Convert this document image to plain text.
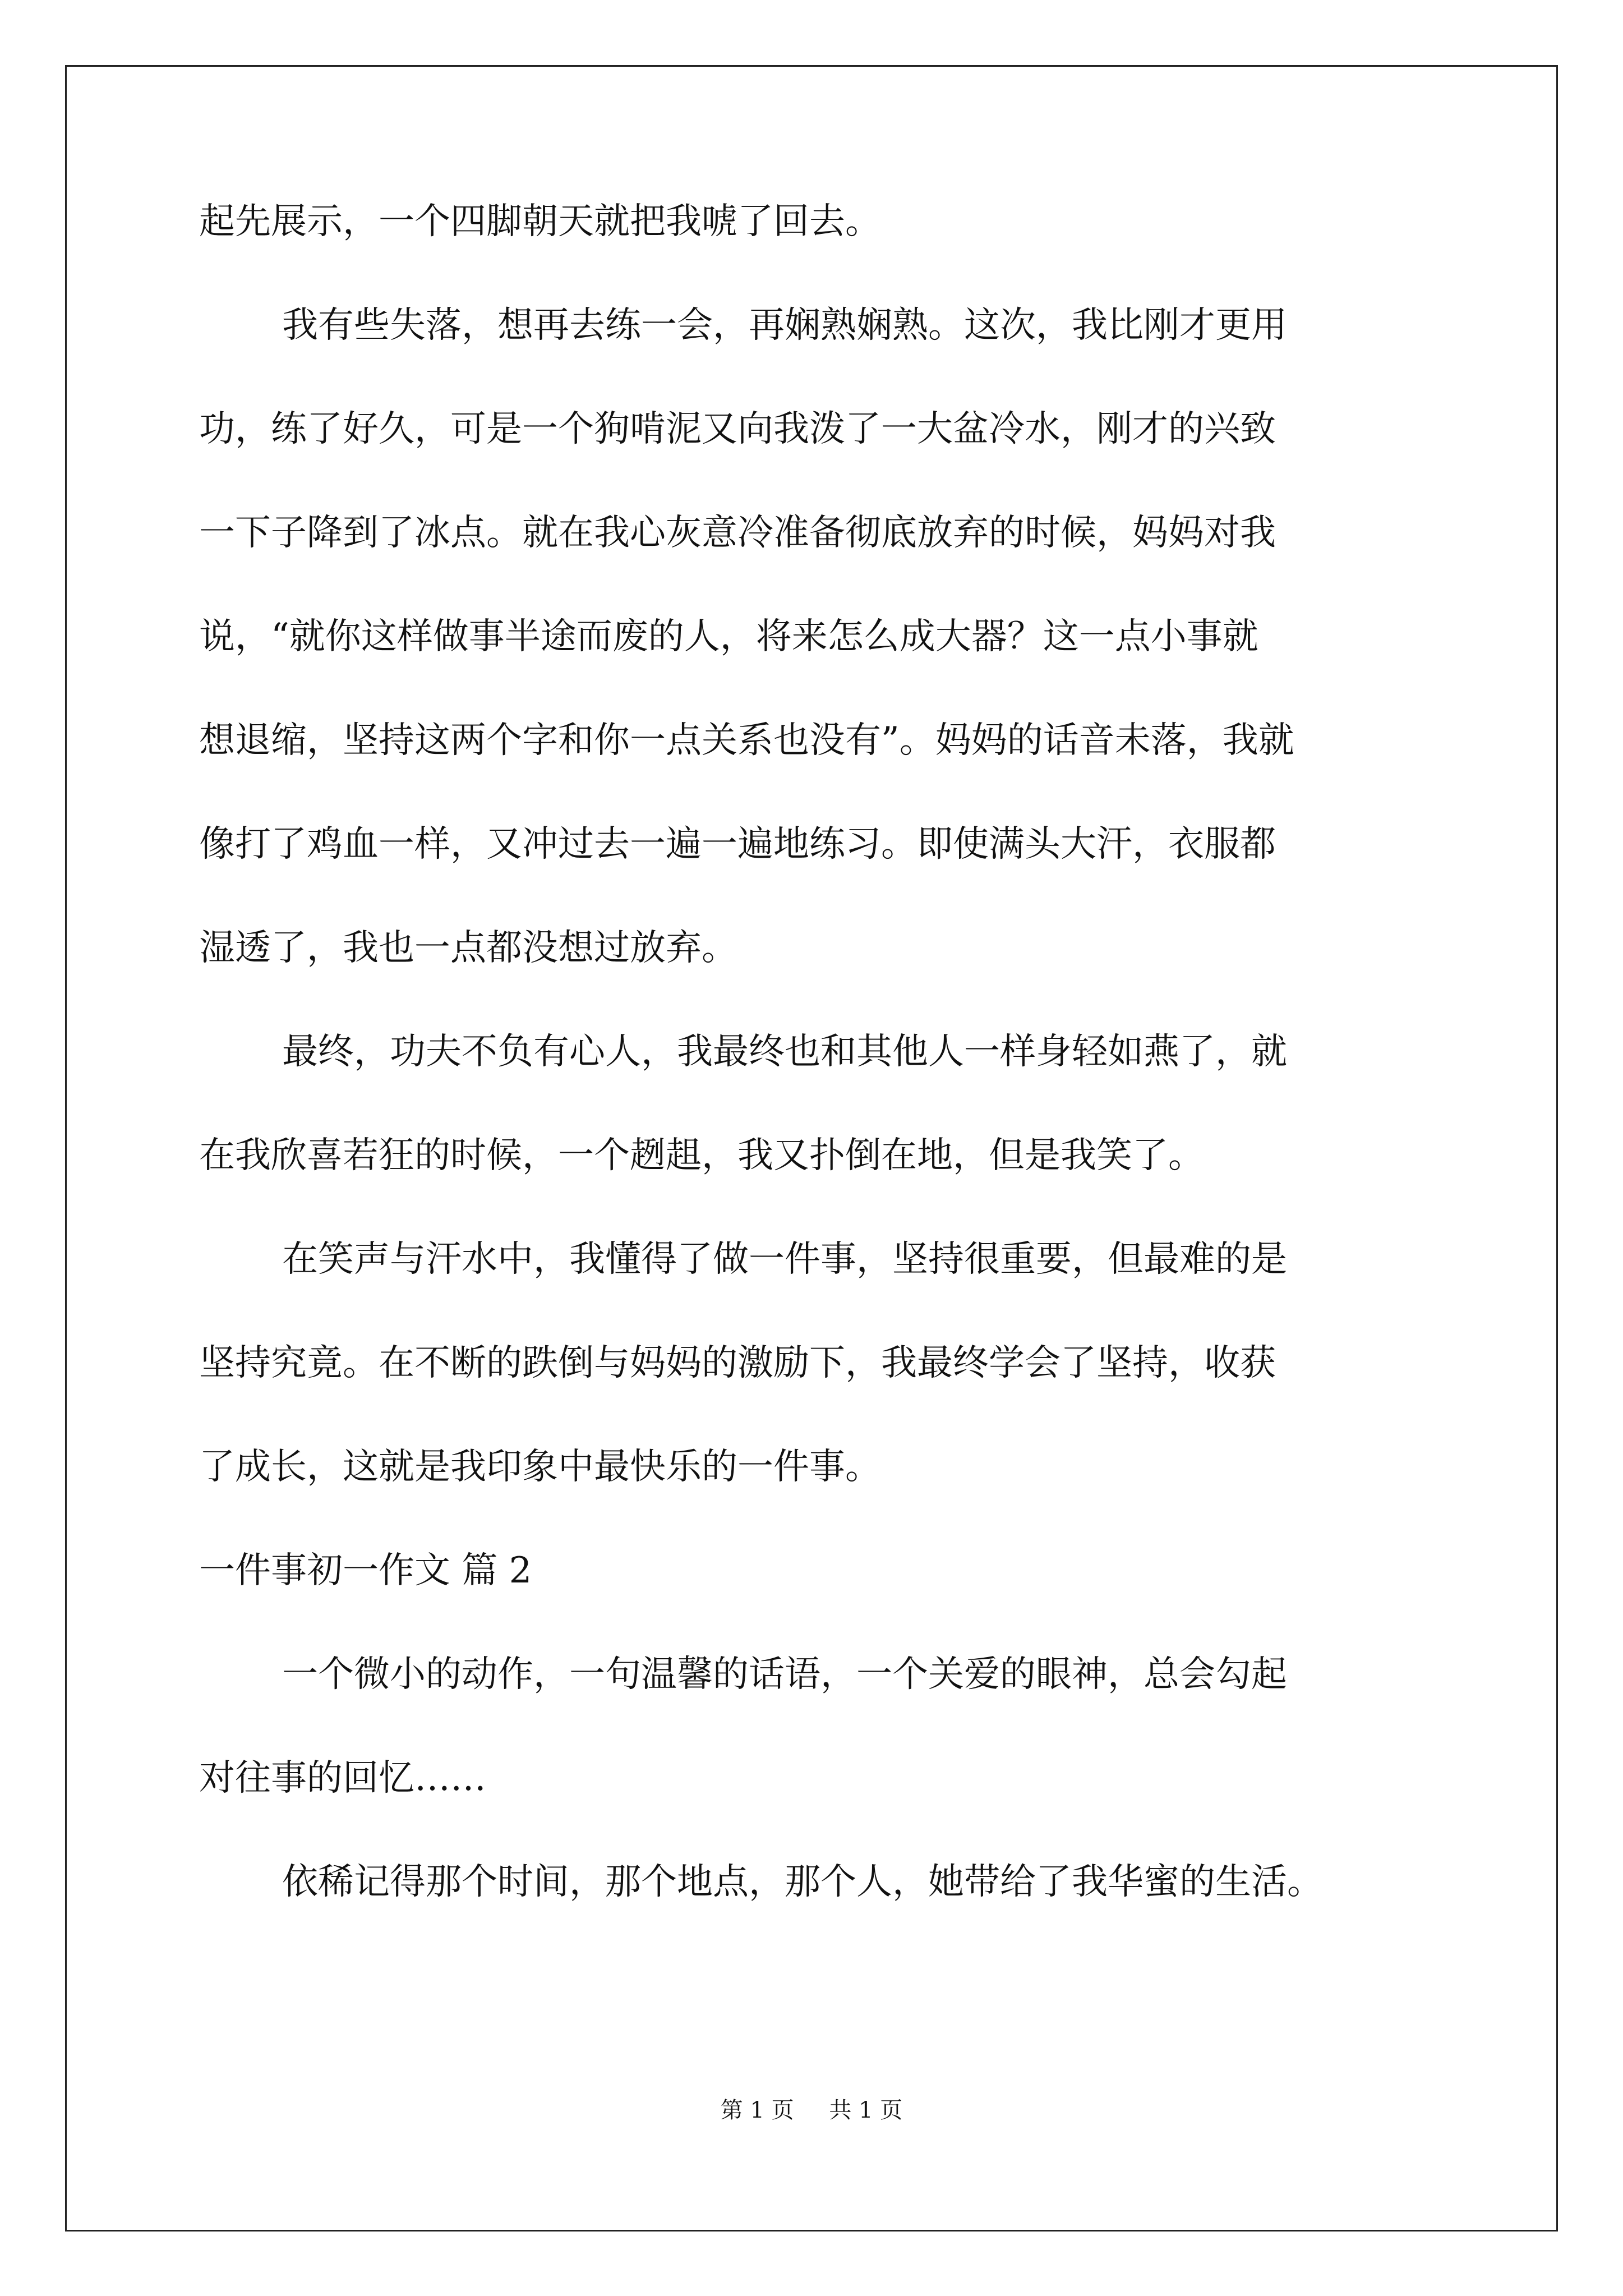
起先展示，一个四脚朝天就把我唬了回去。
我有些失落，想再去练一会，再娴熟娴熟。这次，我比刚才更用
功，练了好久，可是一个狗啃泥又向我泼了一大盆冷水，刚才的兴致
一下子降到了冰点。就在我心灰意冷准备彻底放弃的时候，妈妈对我
说，“就你这样做事半途而废的人，将来怎么成大器？这一点小事就
想退缩，坚持这两个字和你一点关系也没有”。妈妈的话音未落，我就
像打了鸡血一样，又冲过去一遍一遍地练习。即使满头大汗，衣服都
湿透了，我也一点都没想过放弃。
最终，功夫不负有心人，我最终也和其他人一样身轻如燕了，就
在我欣喜若狂的时候，一个趔趄，我又扑倒在地，但是我笑了。
在笑声与汗水中，我懂得了做一件事，坚持很重要，但最难的是
坚持究竟。在不断的跌倒与妈妈的激励下，我最终学会了坚持，收获
了成长，这就是我印象中最快乐的一件事。
一件事初一作文 篇 2
一个微小的动作，一句温馨的话语，一个关爱的眼神，总会勾起
对往事的回忆……
依稀记得那个时间，那个地点，那个人，她带给了我华蜜的生活。
第 1 页 共 1 页
